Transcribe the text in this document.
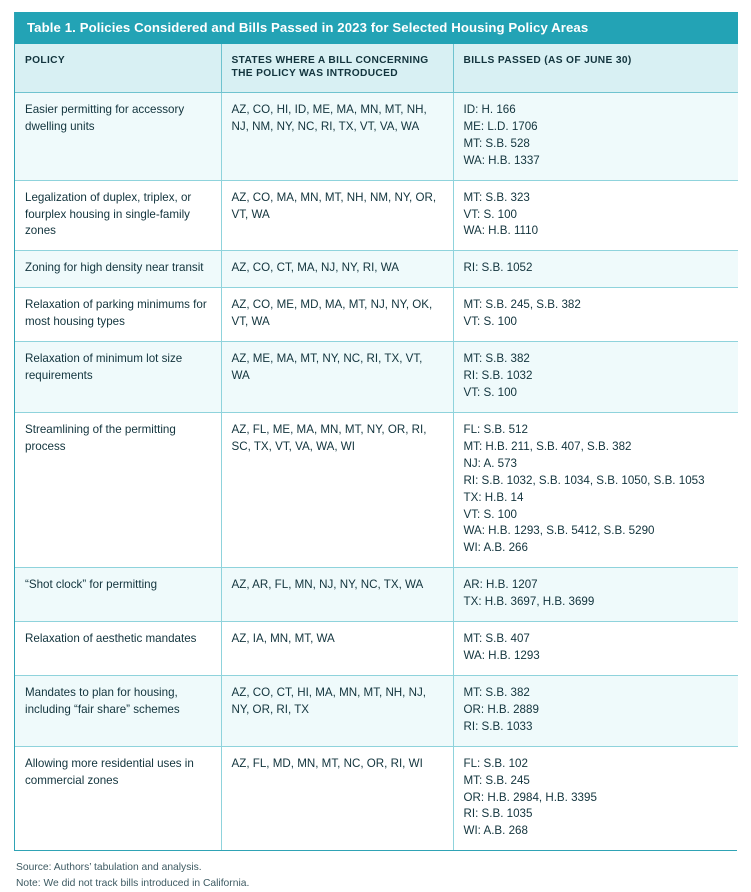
Table 1. Policies Considered and Bills Passed in 2023 for Selected Housing Policy Areas
POLICY	STATES WHERE A BILL CONCERNING THE POLICY WAS INTRODUCED	BILLS PASSED (AS OF JUNE 30)
Easier permitting for accessory dwelling units	AZ, CO, HI, ID, ME, MA, MN, MT, NH, NJ, NM, NY, NC, RI, TX, VT, VA, WA	ID: H. 166
ME: L.D. 1706
MT: S.B. 528
WA: H.B. 1337

Legalization of duplex, triplex, or fourplex housing in single-family zones	AZ, CO, MA, MN, MT, NH, NM, NY, OR, VT, WA	MT: S.B. 323
VT: S. 100
WA: H.B. 1110

Zoning for high density near transit	AZ, CO, CT, MA, NJ, NY, RI, WA	RI: S.B. 1052

Relaxation of parking minimums for most housing types	AZ, CO, ME, MD, MA, MT, NJ, NY, OK, VT, WA	MT: S.B. 245, S.B. 382
VT: S. 100

Relaxation of minimum lot size requirements	AZ, ME, MA, MT, NY, NC, RI, TX, VT, WA	MT: S.B. 382
RI: S.B. 1032
VT: S. 100

Streamlining of the permitting process	AZ, FL, ME, MA, MN, MT, NY, OR, RI, SC, TX, VT, VA, WA, WI	
FL: S.B. 512
MT: H.B. 211, S.B. 407, S.B. 382
NJ: A. 573
RI: S.B. 1032, S.B. 1034, S.B. 1050, S.B. 1053
TX: H.B. 14
VT: S. 100
WA: H.B. 1293, S.B. 5412, S.B. 5290
WI: A.B. 266

“Shot clock” for permitting	AZ, AR, FL, MN, NJ, NY, NC, TX, WA	AR: H.B. 1207
TX: H.B. 3697, H.B. 3699

Relaxation of aesthetic mandates	AZ, IA, MN, MT, WA	MT: S.B. 407
WA: H.B. 1293

Mandates to plan for housing, including “fair share” schemes	AZ, CO, CT, HI, MA, MN, MT, NH, NJ, NY, OR, RI, TX	MT: S.B. 382
OR: H.B. 2889
RI: S.B. 1033

Allowing more residential uses in commercial zones	AZ, FL, MD, MN, MT, NC, OR, RI, WI	FL: S.B. 102
MT: S.B. 245
OR: H.B. 2984, H.B. 3395
RI: S.B. 1035
WI: A.B. 268
Source: Authors’ tabulation and analysis.
Note: We did not track bills introduced in California.
